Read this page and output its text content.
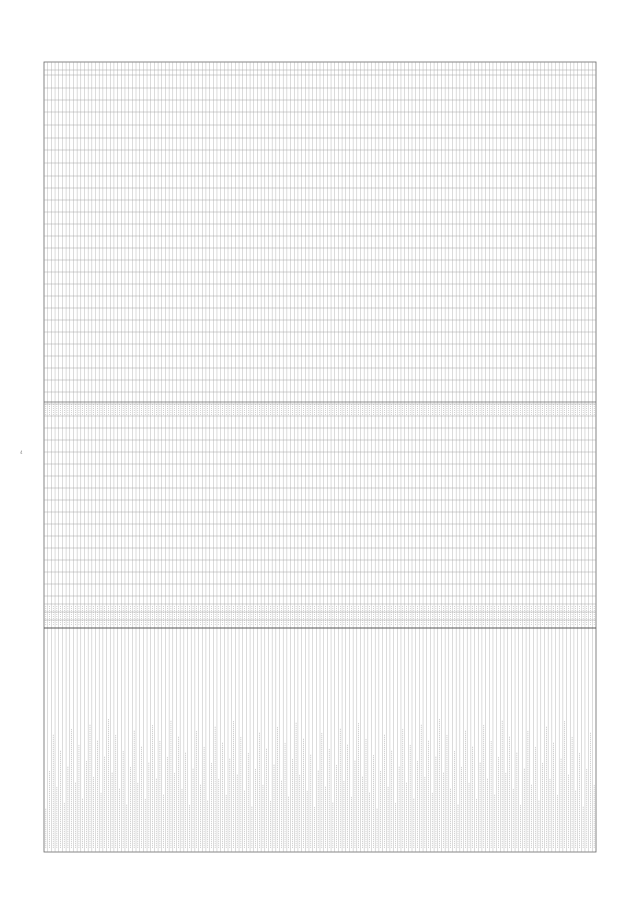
4
